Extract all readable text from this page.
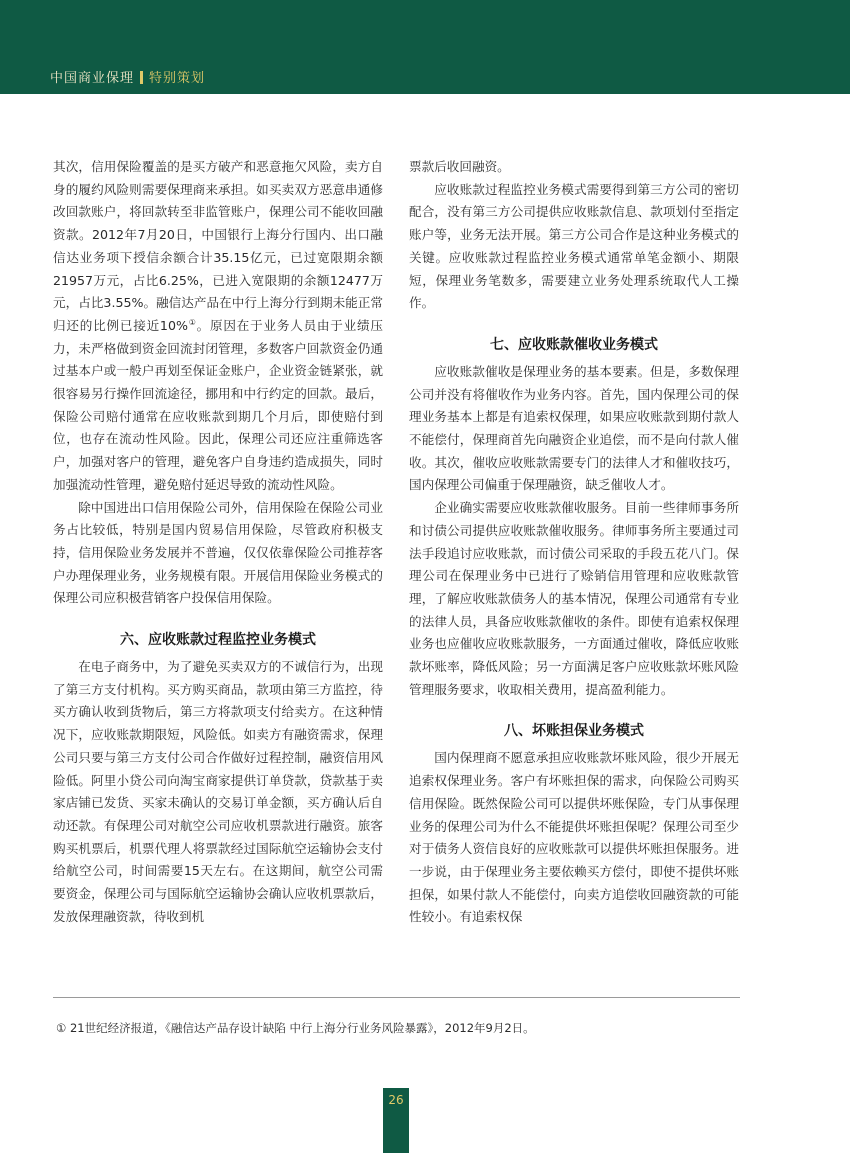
中国商业保理 特别策划

其次，信用保险覆盖的是买方破产和恶意拖欠风险，卖方自身的履约风险则需要保理商来承担。如买卖双方恶意串通修改回款账户，将回款转至非监管账户，保理公司不能收回融资款。2012年7月20日，中国银行上海分行国内、出口融信达业务项下授信余额合计35.15亿元，已过宽限期余额21957万元，占比6.25%，已进入宽限期的余额12477万元，占比3.55%。融信达产品在中行上海分行到期未能正常归还的比例已接近10%①。原因在于业务人员由于业绩压力，未严格做到资金回流封闭管理，多数客户回款资金仍通过基本户或一般户再划至保证金账户，企业资金链紧张，就很容易另行操作回流途径，挪用和中行约定的回款。最后，保险公司赔付通常在应收账款到期几个月后，即使赔付到位，也存在流动性风险。因此，保理公司还应注重筛选客户，加强对客户的管理，避免客户自身违约造成损失，同时加强流动性管理，避免赔付延迟导致的流动性风险。

除中国进出口信用保险公司外，信用保险在保险公司业务占比较低，特别是国内贸易信用保险，尽管政府积极支持，信用保险业务发展并不普遍，仅仅依靠保险公司推荐客户办理保理业务，业务规模有限。开展信用保险业务模式的保理公司应积极营销客户投保信用保险。

六、应收账款过程监控业务模式

在电子商务中，为了避免买卖双方的不诚信行为，出现了第三方支付机构。买方购买商品，款项由第三方监控，待买方确认收到货物后，第三方将款项支付给卖方。在这种情况下，应收账款期限短，风险低。如卖方有融资需求，保理公司只要与第三方支付公司合作做好过程控制，融资信用风险低。阿里小贷公司向淘宝商家提供订单贷款，贷款基于卖家店铺已发货、买家未确认的交易订单金额，买方确认后自动还款。有保理公司对航空公司应收机票款进行融资。旅客购买机票后，机票代理人将票款经过国际航空运输协会支付给航空公司，时间需要15天左右。在这期间，航空公司需要资金，保理公司与国际航空运输协会确认应收机票款后，发放保理融资款，待收到机

票款后收回融资。

应收账款过程监控业务模式需要得到第三方公司的密切配合，没有第三方公司提供应收账款信息、款项划付至指定账户等，业务无法开展。第三方公司合作是这种业务模式的关键。应收账款过程监控业务模式通常单笔金额小、期限短，保理业务笔数多，需要建立业务处理系统取代人工操作。

七、应收账款催收业务模式

应收账款催收是保理业务的基本要素。但是，多数保理公司并没有将催收作为业务内容。首先，国内保理公司的保理业务基本上都是有追索权保理，如果应收账款到期付款人不能偿付，保理商首先向融资企业追偿，而不是向付款人催收。其次，催收应收账款需要专门的法律人才和催收技巧，国内保理公司偏重于保理融资，缺乏催收人才。

企业确实需要应收账款催收服务。目前一些律师事务所和讨债公司提供应收账款催收服务。律师事务所主要通过司法手段追讨应收账款，而讨债公司采取的手段五花八门。保理公司在保理业务中已进行了赊销信用管理和应收账款管理，了解应收账款债务人的基本情况，保理公司通常有专业的法律人员，具备应收账款催收的条件。即使有追索权保理业务也应催收应收账款服务，一方面通过催收，降低应收账款坏账率，降低风险；另一方面满足客户应收账款坏账风险管理服务要求，收取相关费用，提高盈利能力。

八、坏账担保业务模式

国内保理商不愿意承担应收账款坏账风险，很少开展无追索权保理业务。客户有坏账担保的需求，向保险公司购买信用保险。既然保险公司可以提供坏账保险，专门从事保理业务的保理公司为什么不能提供坏账担保呢？保理公司至少对于债务人资信良好的应收账款可以提供坏账担保服务。进一步说，由于保理业务主要依赖买方偿付，即使不提供坏账担保，如果付款人不能偿付，向卖方追偿收回融资款的可能性较小。有追索权保

① 21世纪经济报道，《融信达产品存设计缺陷 中行上海分行业务风险暴露》，2012年9月2日。
26
